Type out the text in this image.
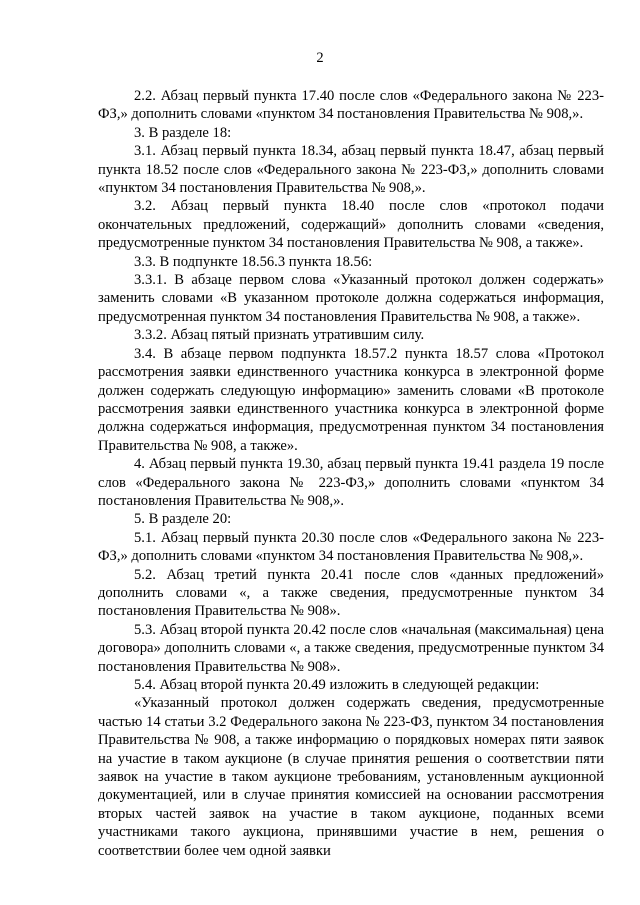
2

2.2. Абзац первый пункта 17.40 после слов «Федерального закона № 223-ФЗ,» дополнить словами «пунктом 34 постановления Правительства № 908,».

3. В разделе 18:

3.1. Абзац первый пункта 18.34, абзац первый пункта 18.47, абзац первый пункта 18.52 после слов «Федерального закона № 223-ФЗ,» дополнить словами «пунктом 34 постановления Правительства № 908,».

3.2. Абзац первый пункта 18.40 после слов «протокол подачи окончательных предложений, содержащий» дополнить словами «сведения, предусмотренные пунктом 34 постановления Правительства № 908, а также».

3.3. В подпункте 18.56.3 пункта 18.56:

3.3.1. В абзаце первом слова «Указанный протокол должен содержать» заменить словами «В указанном протоколе должна содержаться информация, предусмотренная пунктом 34 постановления Правительства № 908, а также».

3.3.2. Абзац пятый признать утратившим силу.

3.4. В абзаце первом подпункта 18.57.2 пункта 18.57 слова «Протокол рассмотрения заявки единственного участника конкурса в электронной форме должен содержать следующую информацию» заменить словами «В протоколе рассмотрения заявки единственного участника конкурса в электронной форме должна содержаться информация, предусмотренная пунктом 34 постановления Правительства № 908, а также».

4. Абзац первый пункта 19.30, абзац первый пункта 19.41 раздела 19 после слов «Федерального закона № 223-ФЗ,» дополнить словами «пунктом 34 постановления Правительства № 908,».

5. В разделе 20:

5.1. Абзац первый пункта 20.30 после слов «Федерального закона № 223-ФЗ,» дополнить словами «пунктом 34 постановления Правительства № 908,».

5.2. Абзац третий пункта 20.41 после слов «данных предложений» дополнить словами «, а также сведения, предусмотренные пунктом 34 постановления Правительства № 908».

5.3. Абзац второй пункта 20.42 после слов «начальная (максимальная) цена договора» дополнить словами «, а также сведения, предусмотренные пунктом 34 постановления Правительства № 908».

5.4. Абзац второй пункта 20.49 изложить в следующей редакции:

«Указанный протокол должен содержать сведения, предусмотренные частью 14 статьи 3.2 Федерального закона № 223-ФЗ, пунктом 34 постановления Правительства № 908, а также информацию о порядковых номерах пяти заявок на участие в таком аукционе (в случае принятия решения о соответствии пяти заявок на участие в таком аукционе требованиям, установленным аукционной документацией, или в случае принятия комиссией на основании рассмотрения вторых частей заявок на участие в таком аукционе, поданных всеми участниками такого аукциона, принявшими участие в нем, решения о соответствии более чем одной заявки
